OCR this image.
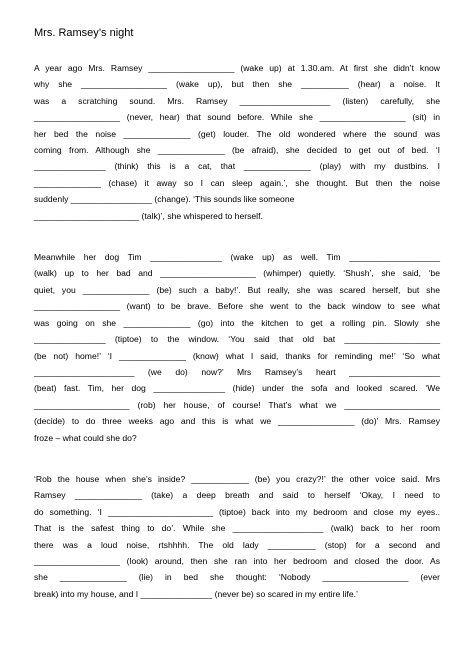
Mrs. Ramsey’s night
A year ago Mrs. Ramsey __________________ (wake up) at 1.30.am. At first she didn’t know
why she __________________ (wake up), but then she __________ (hear) a noise. It
was a scratching sound. Mrs. Ramsey ___________________ (listen) carefully, she
__________________ (never, hear) that sound before. While she __________________ (sit) in
her bed the noise ______________ (get) louder. The old wondered where the sound was
coming from. Although she ______________ (be afraid), she decided to get out of bed. ‘I
_______________ (think) this is a cat, that ______________ (play) with my dustbins. I
______________ (chase) it away so I can sleep again.’, she thought. But then the noise
suddenly _________________ (change). ‘This sounds like someone
______________________ (talk)’, she whispered to herself.
Meanwhile her dog Tim _______________ (wake up) as well. Tim ___________________
(walk) up to her bad and ____________________ (whimper) quietly. ‘Shush’, she said, ‘be
quiet, you ______________ (be) such a baby!’. But really, she was scared herself, but she
__________________ (want) to be brave. Before she went to the back window to see what
was going on she ______________ (go) into the kitchen to get a rolling pin. Slowly she
_______________ (tiptoe) to the window. ‘You said that old bat ____________________
(be not) home!’ ‘I ______________ (know) what I said, thanks for reminding me!’ ‘So what
_____________________ (we do) now?’ Mrs Ramsey’s heart ___________________
(beat) fast. Tim, her dog _______________ (hide) under the sofa and looked scared. ‘We
____________________ (rob) her house, of course! That’s what we ____________________
(decide) to do three weeks ago and this is what we ________________ (do)’ Mrs. Ramsey
froze – what could she do?
‘Rob the house when she’s inside? ____________ (be) you crazy?!’ the other voice said. Mrs
Ramsey ______________ (take) a deep breath and said to herself ‘Okay, I need to
do something. ‘I ______________________ (tiptoe) back into my bedroom and close my eyes..
That is the safest thing to do’. While she ___________________ (walk) back to her room
there was a loud noise, rtshhhh. The old lady __________ (stop) for a second and
__________________ (look) around, then she ran into her bedroom and closed the door. As
she ______________ (lie) in bed she thought: ‘Nobody __________________ (ever
break) into my house, and I _______________ (never be) so scared in my entire life.’
